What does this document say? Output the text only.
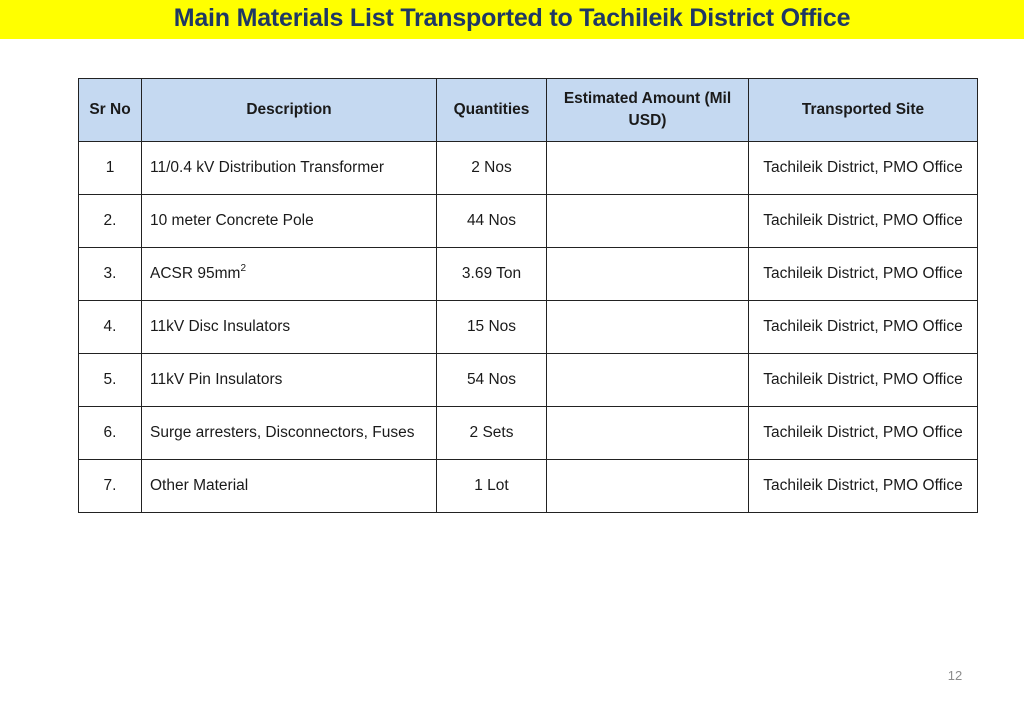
Main Materials List Transported to Tachileik District Office
Sr No	Description	Quantities	Estimated Amount (Mil USD)	Transported Site
1	11/0.4 kV Distribution Transformer	2 Nos		Tachileik District, PMO Office
2.	10 meter Concrete Pole	44 Nos		Tachileik District, PMO Office
3.	ACSR $95mm^2$	3.69 Ton		Tachileik District, PMO Office
4.	11kV Disc Insulators	15 Nos		Tachileik District, PMO Office
5.	11kV Pin Insulators	54 Nos		Tachileik District, PMO Office
6.	Surge arresters, Disconnectors, Fuses	2 Sets		Tachileik District, PMO Office
7.	Other Material	1 Lot		Tachileik District, PMO Office
12
